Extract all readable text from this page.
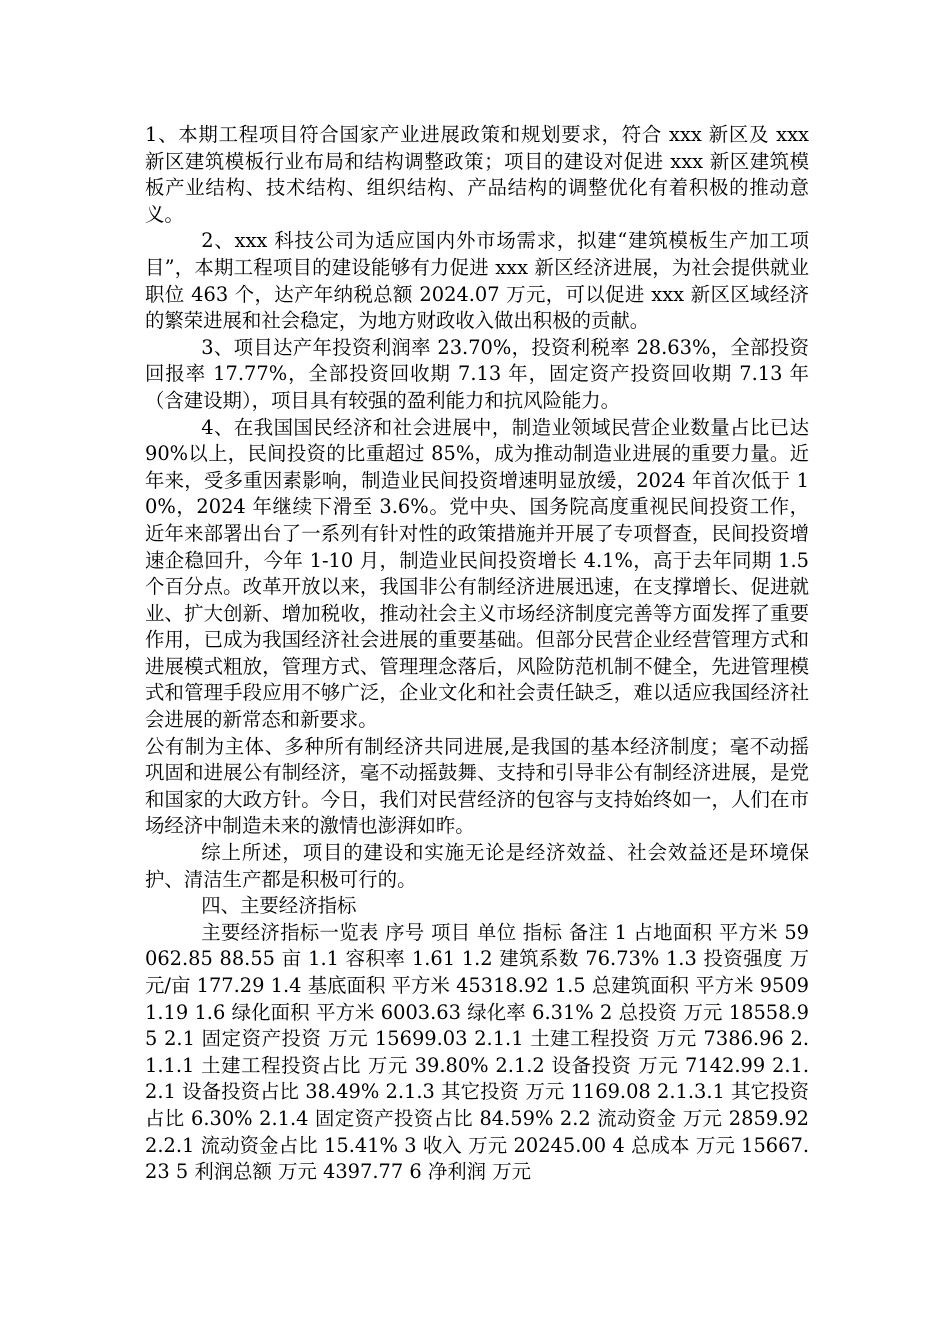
1、本期工程项目符合国家产业进展政策和规划要求，符合 xxx 新区及 xxx 新区建筑模板行业布局和结构调整政策；项目的建设对促进 xxx 新区建筑模板产业结构、技术结构、组织结构、产品结构的调整优化有着积极的推动意义。

2、xxx 科技公司为适应国内外市场需求，拟建“建筑模板生产加工项目”，本期工程项目的建设能够有力促进 xxx 新区经济进展，为社会提供就业职位 463 个，达产年纳税总额 2024.07 万元，可以促进 xxx 新区区域经济的繁荣进展和社会稳定，为地方财政收入做出积极的贡献。

3、项目达产年投资利润率 23.70%，投资利税率 28.63%，全部投资回报率 17.77%，全部投资回收期 7.13 年，固定资产投资回收期 7.13 年（含建设期），项目具有较强的盈利能力和抗风险能力。

4、在我国国民经济和社会进展中，制造业领域民营企业数量占比已达 90%以上，民间投资的比重超过 85%，成为推动制造业进展的重要力量。近年来，受多重因素影响，制造业民间投资增速明显放缓，2024 年首次低于 10%，2024 年继续下滑至 3.6%。党中央、国务院高度重视民间投资工作，近年来部署出台了一系列有针对性的政策措施并开展了专项督查，民间投资增速企稳回升，今年 1-10 月，制造业民间投资增长 4.1%，高于去年同期 1.5 个百分点。改革开放以来，我国非公有制经济进展迅速，在支撑增长、促进就业、扩大创新、增加税收，推动社会主义市场经济制度完善等方面发挥了重要作用，已成为我国经济社会进展的重要基础。但部分民营企业经营管理方式和进展模式粗放，管理方式、管理理念落后，风险防范机制不健全，先进管理模式和管理手段应用不够广泛，企业文化和社会责任缺乏，难以适应我国经济社会进展的新常态和新要求。

公有制为主体、多种所有制经济共同进展,是我国的基本经济制度；毫不动摇巩固和进展公有制经济，毫不动摇鼓舞、支持和引导非公有制经济进展，是党和国家的大政方针。今日，我们对民营经济的包容与支持始终如一，人们在市场经济中制造未来的激情也澎湃如昨。

综上所述，项目的建设和实施无论是经济效益、社会效益还是环境保护、清洁生产都是积极可行的。

四、主要经济指标

主要经济指标一览表 序号 项目 单位 指标 备注 1 占地面积 平方米 59062.85 88.55 亩 1.1 容积率 1.61 1.2 建筑系数 76.73% 1.3 投资强度 万元/亩 177.29 1.4 基底面积 平方米 45318.92 1.5 总建筑面积 平方米 95091.19 1.6 绿化面积 平方米 6003.63 绿化率 6.31% 2 总投资 万元 18558.95 2.1 固定资产投资 万元 15699.03 2.1.1 土建工程投资 万元 7386.96 2.1.1.1 土建工程投资占比 万元 39.80% 2.1.2 设备投资 万元 7142.99 2.1.2.1 设备投资占比 38.49% 2.1.3 其它投资 万元 1169.08 2.1.3.1 其它投资占比 6.30% 2.1.4 固定资产投资占比 84.59% 2.2 流动资金 万元 2859.92 2.2.1 流动资金占比 15.41% 3 收入 万元 20245.00 4 总成本 万元 15667.23 5 利润总额 万元 4397.77 6 净利润 万元
